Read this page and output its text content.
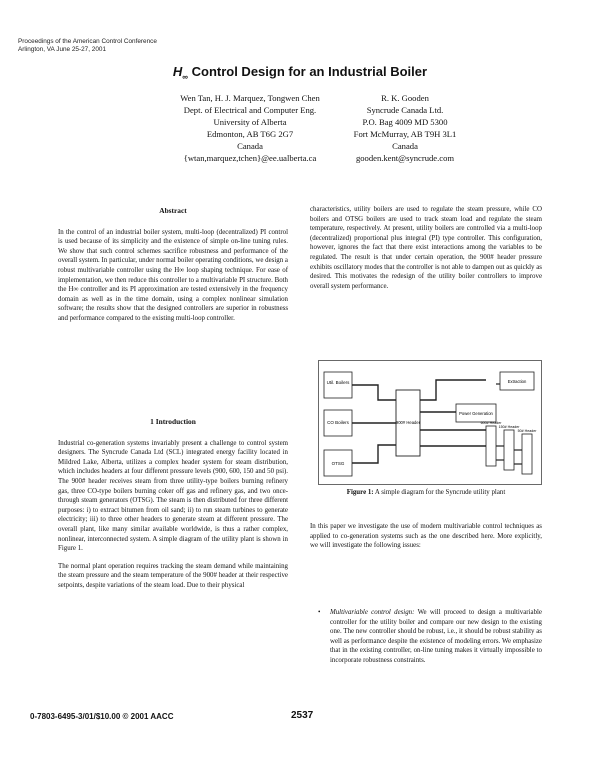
Proceedings of the American Control Conference
Arlington, VA June 25-27, 2001
$H_\infty$ Control Design for an Industrial Boiler
Wen Tan, H. J. Marquez, Tongwen Chen
Dept. of Electrical and Computer Eng.
University of Alberta
Edmonton, AB T6G 2G7
Canada
{wtan,marquez,tchen}@ee.ualberta.ca
R. K. Gooden
Syncrude Canada Ltd.
P.O. Bag 4009 MD 5300
Fort McMurray, AB T9H 3L1
Canada
gooden.kent@syncrude.com
Abstract

In the control of an industrial boiler system, multi-loop (decentralized) PI control is used because of its simplicity and the existence of simple on-line tuning rules. We show that such control schemes sacrifice robustness and performance of the overall system. In particular, under normal boiler operating conditions, we design a robust multivariable controller using the H∞ loop shaping technique. For ease of implementation, we then reduce this controller to a multivariable PI structure. Both the H∞ controller and its PI approximation are tested extensively in the frequency domain as well as in the time domain, using a complex nonlinear simulation software; the results show that the designed controllers are superior in robustness and performance compared to the existing multi-loop controller.

1 Introduction

Industrial co-generation systems invariably present a challenge to control system designers. The Syncrude Canada Ltd (SCL) integrated energy facility located in Mildred Lake, Alberta, utilizes a complex header system for steam distribution, which includes headers at four different pressure levels (900, 600, 150 and 50 psi). The 900# header receives steam from three utility-type boilers burning refinery gas, three CO-type boilers burning coker off gas and refinery gas, and two once-through steam generators (OTSG). The steam is then distributed for three different purposes: i) to extract bitumen from oil sand; ii) to run steam turbines to generate electricity; iii) to three other headers to generate steam at different pressure. The overall plant, like many similar available worldwide, is thus a rather complex, nonlinear, interconnected system. A simple diagram of the utility plant is shown in Figure 1.

The normal plant operation requires tracking the steam demand while maintaining the steam pressure and the steam temperature of the 900# header at their respective setpoints, despite variations of the steam load. Due to their physical

characteristics, utility boilers are used to regulate the steam pressure, while CO boilers and OTSG boilers are used to track steam load and regulate the steam temperature, respectively. At present, utility boilers are controlled via a multi-loop (decentralized) proportional plus integral (PI) type controller. This configuration, however, ignores the fact that there exist interactions among the variables to be regulated. The result is that under certain operation, the 900# header pressure exhibits oscillatory modes that the controller is not able to dampen out as quickly as desired. This motivates the redesign of the utility boiler controllers to improve overall system performance.

Util. Boilers
CO Boilers
OTSG
900# Header
Power Generation
Extraction
600# Header
150# Header
50# Header
Figure 1: A simple diagram for the Syncrude utility plant

In this paper we investigate the use of modern multivariable control techniques as applied to co-generation systems such as the one described here. More explicitly, we will investigate the following issues:

• Multivariable control design: We will proceed to design a multivariable controller for the utility boiler and compare our new design to the existing one. The new controller should be robust, i.e., it should be robust stability as well as performance despite the existence of modeling errors. We emphasize that in the existing controller, on-line tuning makes it virtually impossible to incorporate robustness constraints.
0-7803-6495-3/01/$10.00 © 2001 AACC	2537
